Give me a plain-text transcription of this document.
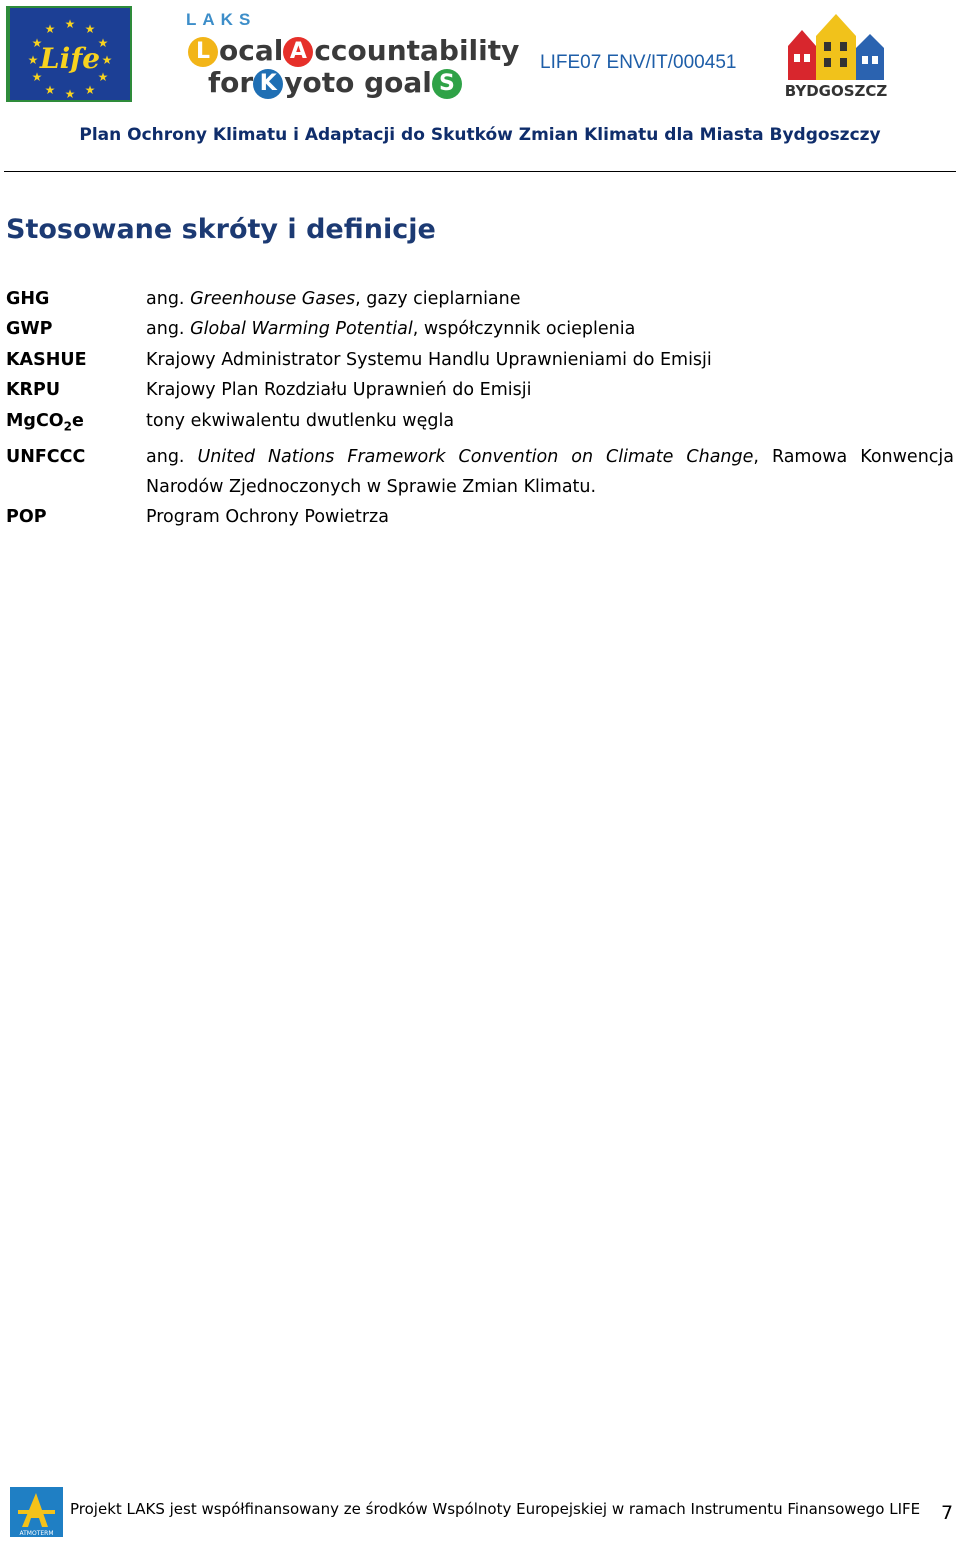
★ ★
★
★
★
★
★
★
★
★
★
★
Life
LAKS
L ocal A ccountability
for K yoto goal S
LIFE07 ENV/IT/000451
BYDGOSZCZ
Plan Ochrony Klimatu i Adaptacji do Skutków Zmian Klimatu dla Miasta Bydgoszczy
Stosowane skróty i definicje
GHG	ang. Greenhouse Gases, gazy cieplarniane
GWP	ang. Global Warming Potential, współczynnik ocieplenia
KASHUE	Krajowy Administrator Systemu Handlu Uprawnieniami do Emisji
KRPU	Krajowy Plan Rozdziału Uprawnień do Emisji
MgCO$_2$e	tony ekwiwalentu dwutlenku węgla
UNFCCC	ang. United Nations Framework Convention on Climate Change, Ramowa Konwencja Narodów Zjednoczonych w Sprawie Zmian Klimatu.
POP	Program Ochrony Powietrza
ATMOTERM
Projekt LAKS jest współfinansowany ze środków Wspólnoty Europejskiej w ramach Instrumentu Finansowego LIFE 7
